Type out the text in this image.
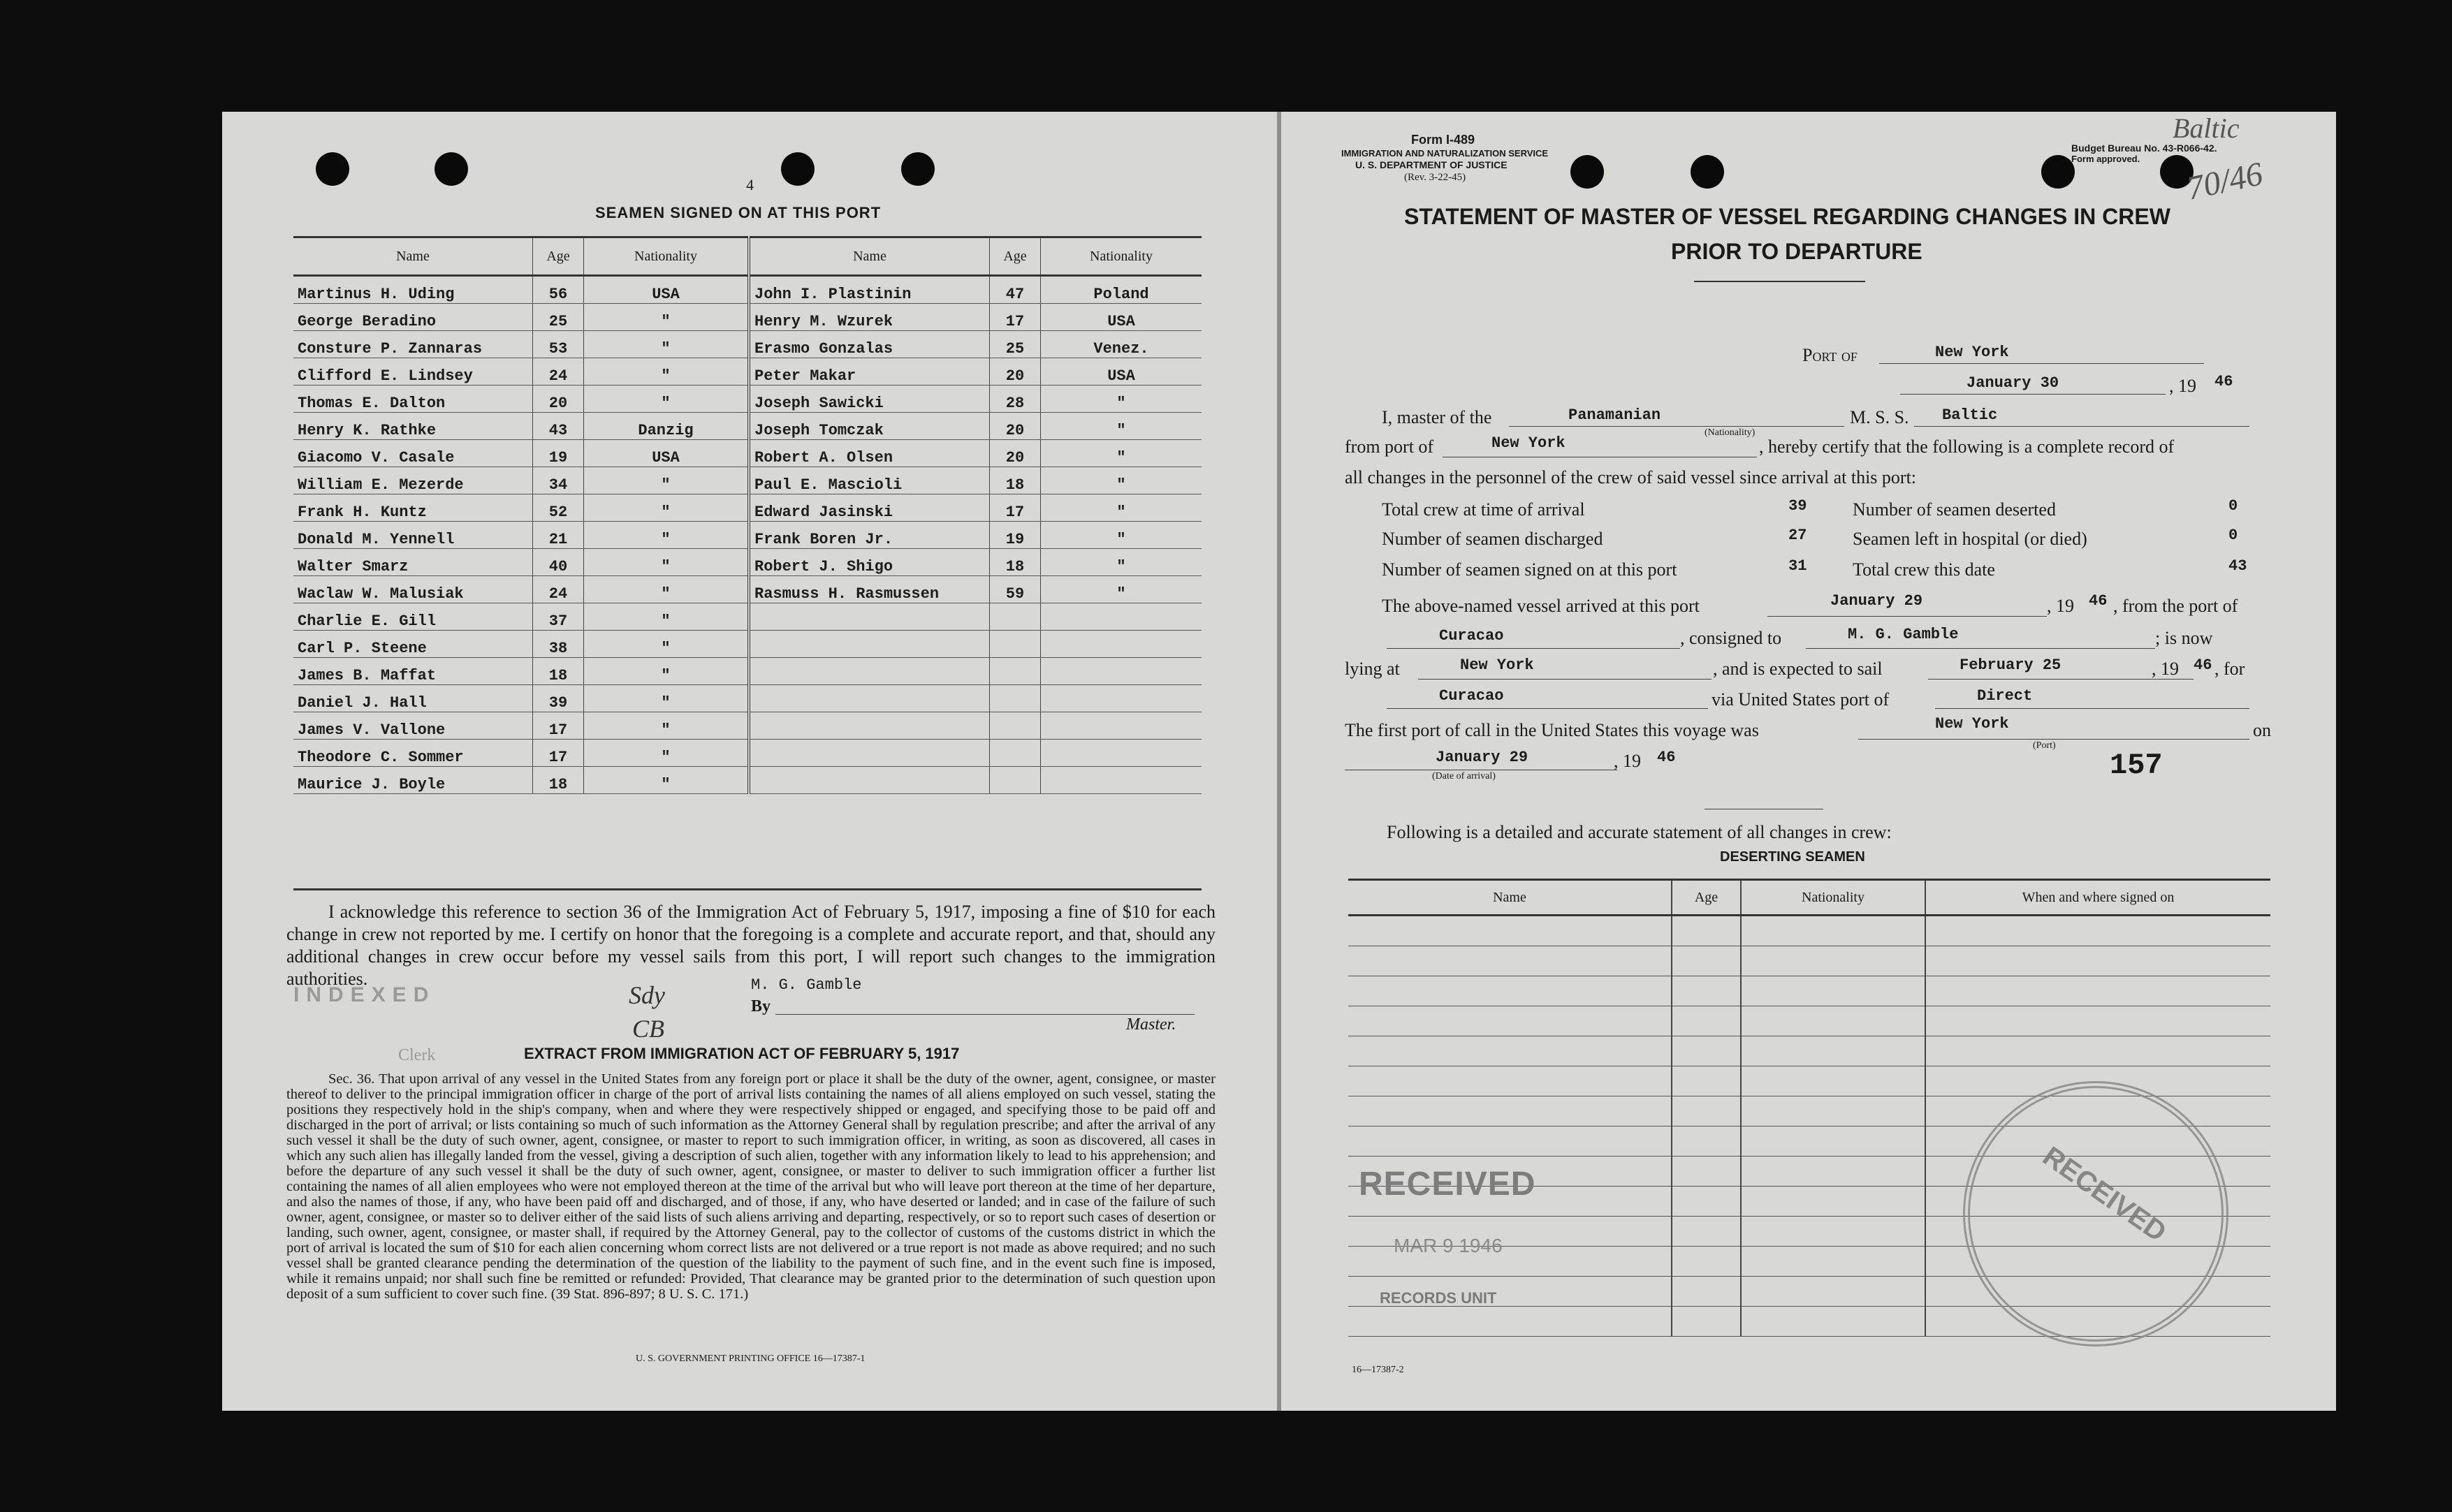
4
SEAMEN SIGNED ON AT THIS PORT
Name	Age	Nationality
Martinus H. Uding	56	USA
George Beradino	25	"
Consture P. Zannaras	53	"
Clifford E. Lindsey	24	"
Thomas E. Dalton	20	"
Henry K. Rathke	43	Danzig
Giacomo V. Casale	19	USA
William E. Mezerde	34	"
Frank H. Kuntz	52	"
Donald M. Yennell	21	"
Walter Smarz	40	"
Waclaw W. Malusiak	24	"
Charlie E. Gill	37	"
Carl P. Steene	38	"
James B. Maffat	18	"
Daniel J. Hall	39	"
James V. Vallone	17	"
Theodore C. Sommer	17	"
Maurice J. Boyle	18	"
Name	Age	Nationality
John I. Plastinin	47	Poland
Henry M. Wzurek	17	USA
Erasmo Gonzalas	25	Venez.
Peter Makar	20	USA
Joseph Sawicki	28	"
Joseph Tomczak	20	"
Robert A. Olsen	20	"
Paul E. Mascioli	18	"
Edward Jasinski	17	"
Frank Boren Jr.	19	"
Robert J. Shigo	18	"
Rasmuss H. Rasmussen	59	"

I acknowledge this reference to section 36 of the Immigration Act of February 5, 1917, imposing a fine of $10 for each change in crew not reported by me. I certify on honor that the foregoing is a complete and accurate report, and that, should any additional changes in crew occur before my vessel sails from this port, I will report such changes to the immigration authorities.	M. G. Gamble
By
Master.
INDEXED
Clerk
Sdy
CB
EXTRACT FROM IMMIGRATION ACT OF FEBRUARY 5, 1917
Sec. 36. That upon arrival of any vessel in the United States from any foreign port or place it shall be the duty of the owner, agent, consignee, or master thereof to deliver to the principal immigration officer in charge of the port of arrival lists containing the names of all aliens employed on such vessel, stating the positions they respectively hold in the ship's company, when and where they were respectively shipped or engaged, and specifying those to be paid off and discharged in the port of arrival; or lists containing so much of such information as the Attorney General shall by regulation prescribe; and after the arrival of any such vessel it shall be the duty of such owner, agent, consignee, or master to report to such immigration officer, in writing, as soon as discovered, all cases in which any such alien has illegally landed from the vessel, giving a description of such alien, together with any information likely to lead to his apprehension; and before the departure of any such vessel it shall be the duty of such owner, agent, consignee, or master to deliver to such immigration officer a further list containing the names of all alien employees who were not employed thereon at the time of the arrival but who will leave port thereon at the time of her departure, and also the names of those, if any, who have been paid off and discharged, and of those, if any, who have deserted or landed; and in case of the failure of such owner, agent, consignee, or master so to deliver either of the said lists of such aliens arriving and departing, respectively, or so to report such cases of desertion or landing, such owner, agent, consignee, or master shall, if required by the Attorney General, pay to the collector of customs of the customs district in which the port of arrival is located the sum of $10 for each alien concerning whom correct lists are not delivered or a true report is not made as above required; and no such vessel shall be granted clearance pending the determination of the question of the liability to the payment of such fine, and in the event such fine is imposed, while it remains unpaid; nor shall such fine be remitted or refunded: Provided, That clearance may be granted prior to the determination of such question upon deposit of a sum sufficient to cover such fine. (39 Stat. 896-897; 8 U. S. C. 171.)
U. S. GOVERNMENT PRINTING OFFICE 16—17387-1
Form I-489
IMMIGRATION AND NATURALIZATION SERVICE
U. S. DEPARTMENT OF JUSTICE
(Rev. 3-22-45)
Budget Bureau No. 43-R066-42.
Form approved.
Baltic
70/46
STATEMENT OF MASTER OF VESSEL REGARDING CHANGES IN CREW
PRIOR TO DEPARTURE
Port of	New York
January 30	, 19 46
I, master of the	Panamanian
(Nationality)
M. S. S. Baltic
from port of	New York	, hereby certify that the following is a complete record of
all changes in the personnel of the crew of said vessel since arrival at this port:
Total crew at time of arrival	39
Number of seamen discharged	27
Number of seamen signed on at this port	31
Number of seamen deserted	0
Seamen left in hospital (or died)	0
Total crew this date	43
The above-named vessel arrived at this port	January 29	, 19 46 , from the port of
Curacao	, consigned to	M. G. Gamble	; is now
lying at	New York	, and is expected to sail	February 25	, 19 46 , for
Curacao	via United States port of	Direct
The first port of call in the United States this voyage was	New York
(Port)
on
January 29
(Date of arrival)
, 19 46	157
Following is a detailed and accurate statement of all changes in crew:
DESERTING SEAMEN
Name	Age	Nationality	When and where signed on

RECEIVED
MAR 9 1946
RECORDS UNIT
RECEIVED
16—17387-2
